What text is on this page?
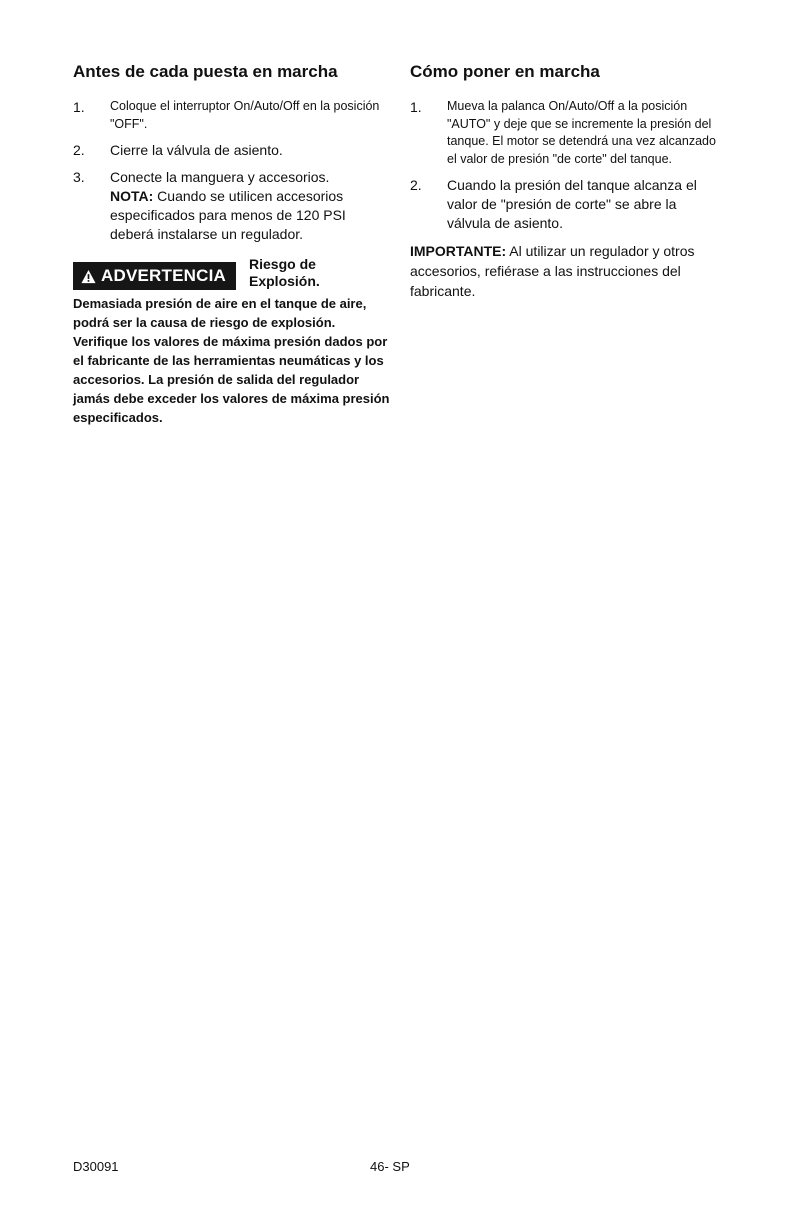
Antes de cada puesta en marcha
1.	Coloque el interruptor On/Auto/Off en la posición "OFF".
2.	Cierre la válvula de asiento.
3.	Conecte la manguera y accesorios.
NOTA: Cuando se utilicen accesorios especificados para menos de 120 PSI deberá instalarse un regulador.
ADVERTENCIA
Riesgo de Explosión.
Demasiada presión de aire en el tanque de aire, podrá ser la causa de riesgo de explosión. Verifique los valores de máxima presión dados por el fabricante de las herramientas neumáticas y los accesorios. La presión de salida del regulador jamás debe exceder los valores de máxima presión especificados.
Cómo poner en marcha
1.	Mueva la palanca On/Auto/Off a la posición "AUTO" y deje que se incremente la presión del tanque. El motor se detendrá una vez alcanzado el valor de presión "de corte" del tanque.
2.	Cuando la presión del tanque alcanza el valor de "presión de corte" se abre la válvula de asiento.

IMPORTANTE: Al utilizar un regulador y otros accesorios, refiérase a las instrucciones del fabricante.

D30091	46- SP
